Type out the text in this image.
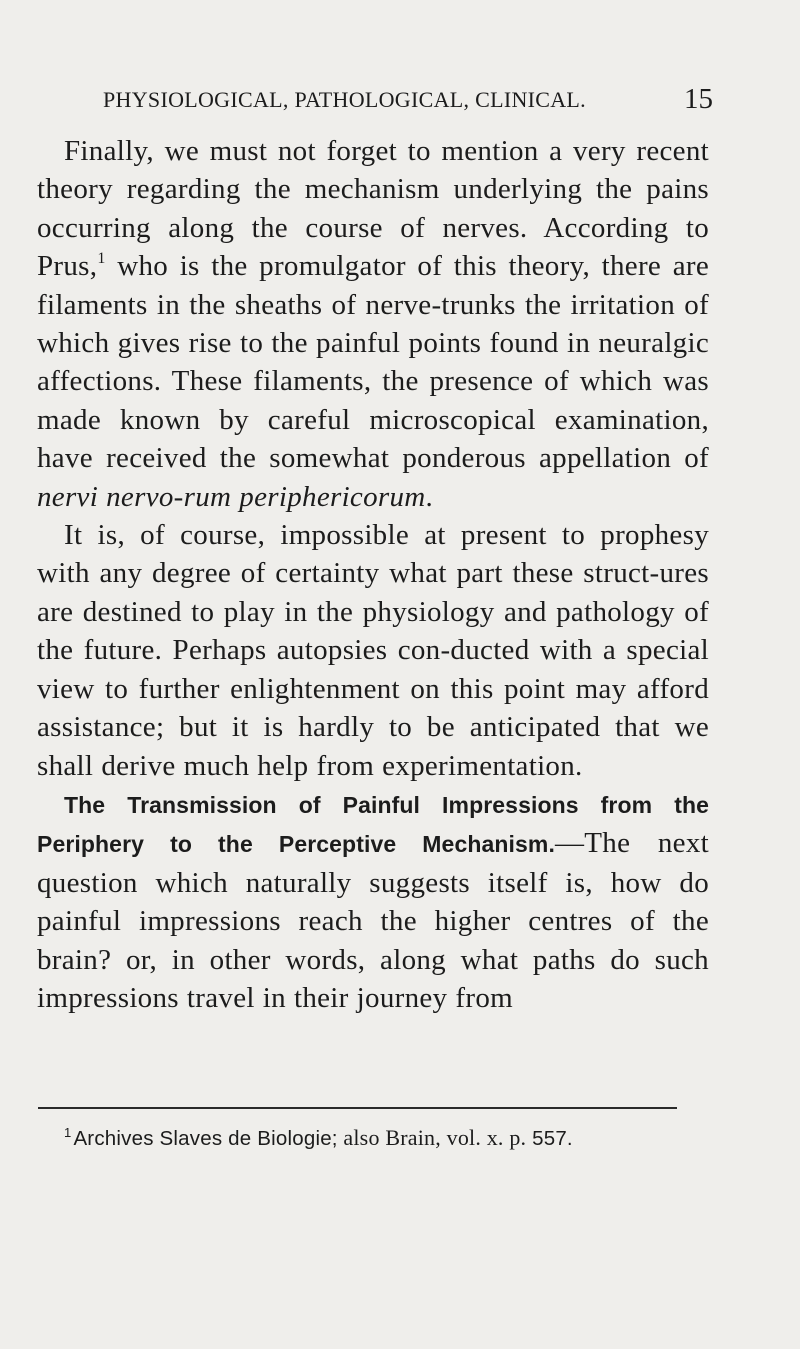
PHYSIOLOGICAL, PATHOLOGICAL, CLINICAL.	15

Finally, we must not forget to mention a very recent theory regarding the mechanism underlying the pains occurring along the course of nerves. According to Prus,$^1$ who is the promulgator of this theory, there are filaments in the sheaths of nerve-trunks the irritation of which gives rise to the painful points found in neuralgic affections. These filaments, the presence of which was made known by careful microscopical examination, have received the somewhat ponderous appellation of nervi nervo-rum periphericorum.

It is, of course, impossible at present to prophesy with any degree of certainty what part these struct-ures are destined to play in the physiology and pathology of the future. Perhaps autopsies con-ducted with a special view to further enlightenment on this point may afford assistance; but it is hardly to be anticipated that we shall derive much help from experimentation.

The Transmission of Painful Impressions from the Periphery to the Perceptive Mechanism.—The next question which naturally suggests itself is, how do painful impressions reach the higher centres of the brain? or, in other words, along what paths do such impressions travel in their journey from

$^1$Archives Slaves de Biologie; also Brain, vol. x. p. 557.
